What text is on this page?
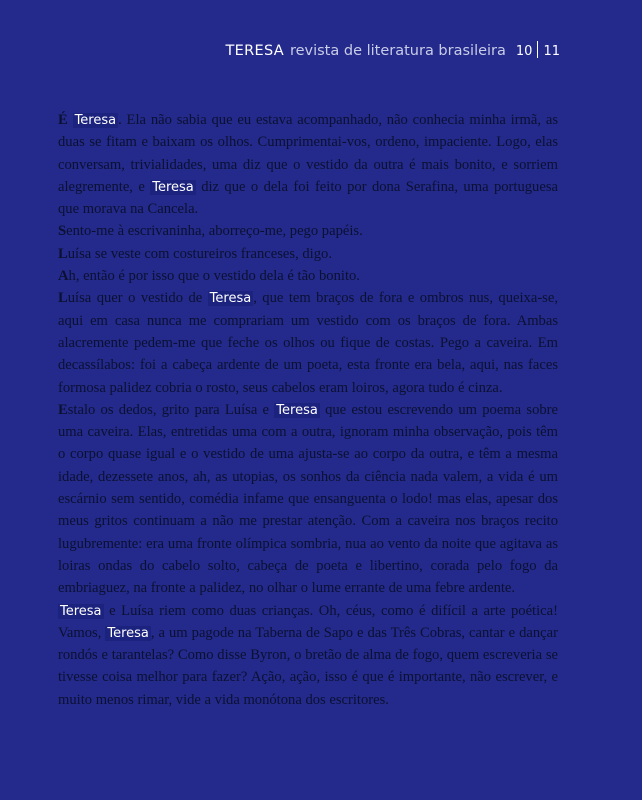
TERESA revista de literatura brasileira 10 11

É Teresa . Ela não sabia que eu estava acompanhado, não conhecia minha irmã, as duas se fitam e baixam os olhos. Cumprimentai-vos, ordeno, impaciente. Logo, elas conversam, trivialidades, uma diz que o vestido da outra é mais bonito, e sorriem alegremente, e Teresa diz que o dela foi feito por dona Serafina, uma portuguesa que morava na Cancela.

Sento-me à escrivaninha, aborreço-me, pego papéis.

Luísa se veste com costureiros franceses, digo.

Ah, então é por isso que o vestido dela é tão bonito.

Luísa quer o vestido de Teresa , que tem braços de fora e ombros nus, queixa-se, aqui em casa nunca me comprariam um vestido com os braços de fora. Ambas alacremente pedem-me que feche os olhos ou fique de costas. Pego a caveira. Em decassílabos: foi a cabeça ardente de um poeta, esta fronte era bela, aqui, nas faces formosa palidez cobria o rosto, seus cabelos eram loiros, agora tudo é cinza.

Estalo os dedos, grito para Luísa e Teresa que estou escrevendo um poema sobre uma caveira. Elas, entretidas uma com a outra, ignoram minha observação, pois têm o corpo quase igual e o vestido de uma ajusta-se ao corpo da outra, e têm a mesma idade, dezessete anos, ah, as utopias, os sonhos da ciência nada valem, a vida é um escárnio sem sentido, comédia infame que ensanguenta o lodo! mas elas, apesar dos meus gritos continuam a não me prestar atenção. Com a caveira nos braços recito lugubremente: era uma fronte olímpica sombria, nua ao vento da noite que agitava as loiras ondas do cabelo solto, cabeça de poeta e libertino, corada pelo fogo da embriaguez, na fronte a palidez, no olhar o lume errante de uma febre ardente.

Teresa e Luísa riem como duas crianças. Oh, céus, como é difícil a arte poética! Vamos, Teresa , a um pagode na Taberna de Sapo e das Três Cobras, cantar e dançar rondós e tarantelas? Como disse Byron, o bretão de alma de fogo, quem escreveria se tivesse coisa melhor para fazer? Ação, ação, isso é que é importante, não escrever, e muito menos rimar, vide a vida monótona dos escritores.
